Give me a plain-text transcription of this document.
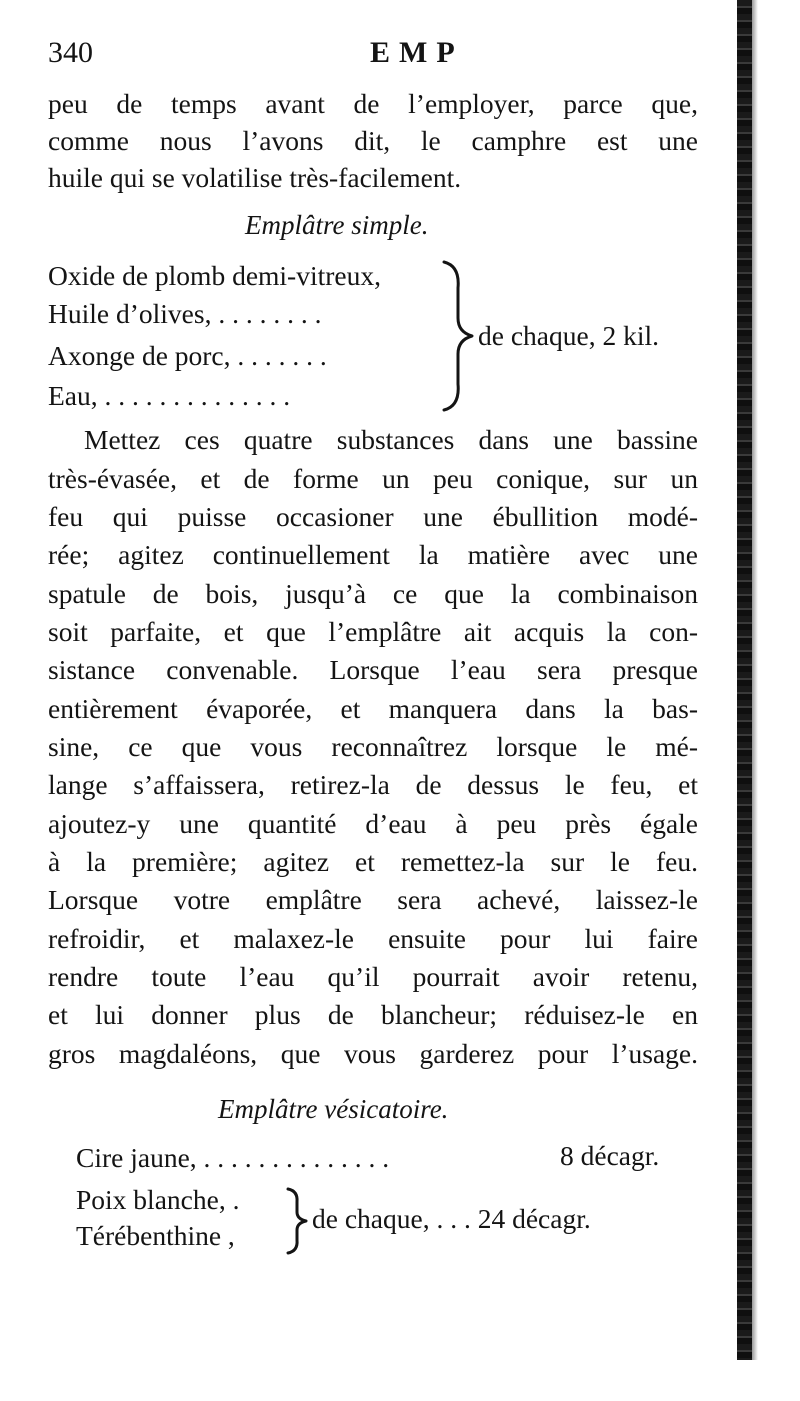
340	EMP
peu de temps avant de l’employer, parce que,
comme nous l’avons dit, le camphre est une
huile qui se volatilise très-facilement.
Emplâtre simple.
Oxide de plomb demi-vitreux,
Huile d’olives, . . . . . . . .
Axonge de porc, . . . . . . .
Eau, . . . . . . . . . . . . . .
de chaque, 2 kil.
Mettez ces quatre substances dans une bassine
très-évasée, et de forme un peu conique, sur un
feu qui puisse occasioner une ébullition modé-
rée; agitez continuellement la matière avec une
spatule de bois, jusqu’à ce que la combinaison
soit parfaite, et que l’emplâtre ait acquis la con-
sistance convenable. Lorsque l’eau sera presque
entièrement évaporée, et manquera dans la bas-
sine, ce que vous reconnaîtrez lorsque le mé-
lange s’affaissera, retirez-la de dessus le feu, et
ajoutez-y une quantité d’eau à peu près égale
à la première; agitez et remettez-la sur le feu.
Lorsque votre emplâtre sera achevé, laissez-le
refroidir, et malaxez-le ensuite pour lui faire
rendre toute l’eau qu’il pourrait avoir retenu,
et lui donner plus de blancheur; réduisez-le en
gros magdaléons, que vous garderez pour l’usage.
Emplâtre vésicatoire.
Cire jaune, . . . . . . . . . . . . . .	8 décagr.
Poix blanche, .
Térébenthine ,
de chaque, . . . 24 décagr.
